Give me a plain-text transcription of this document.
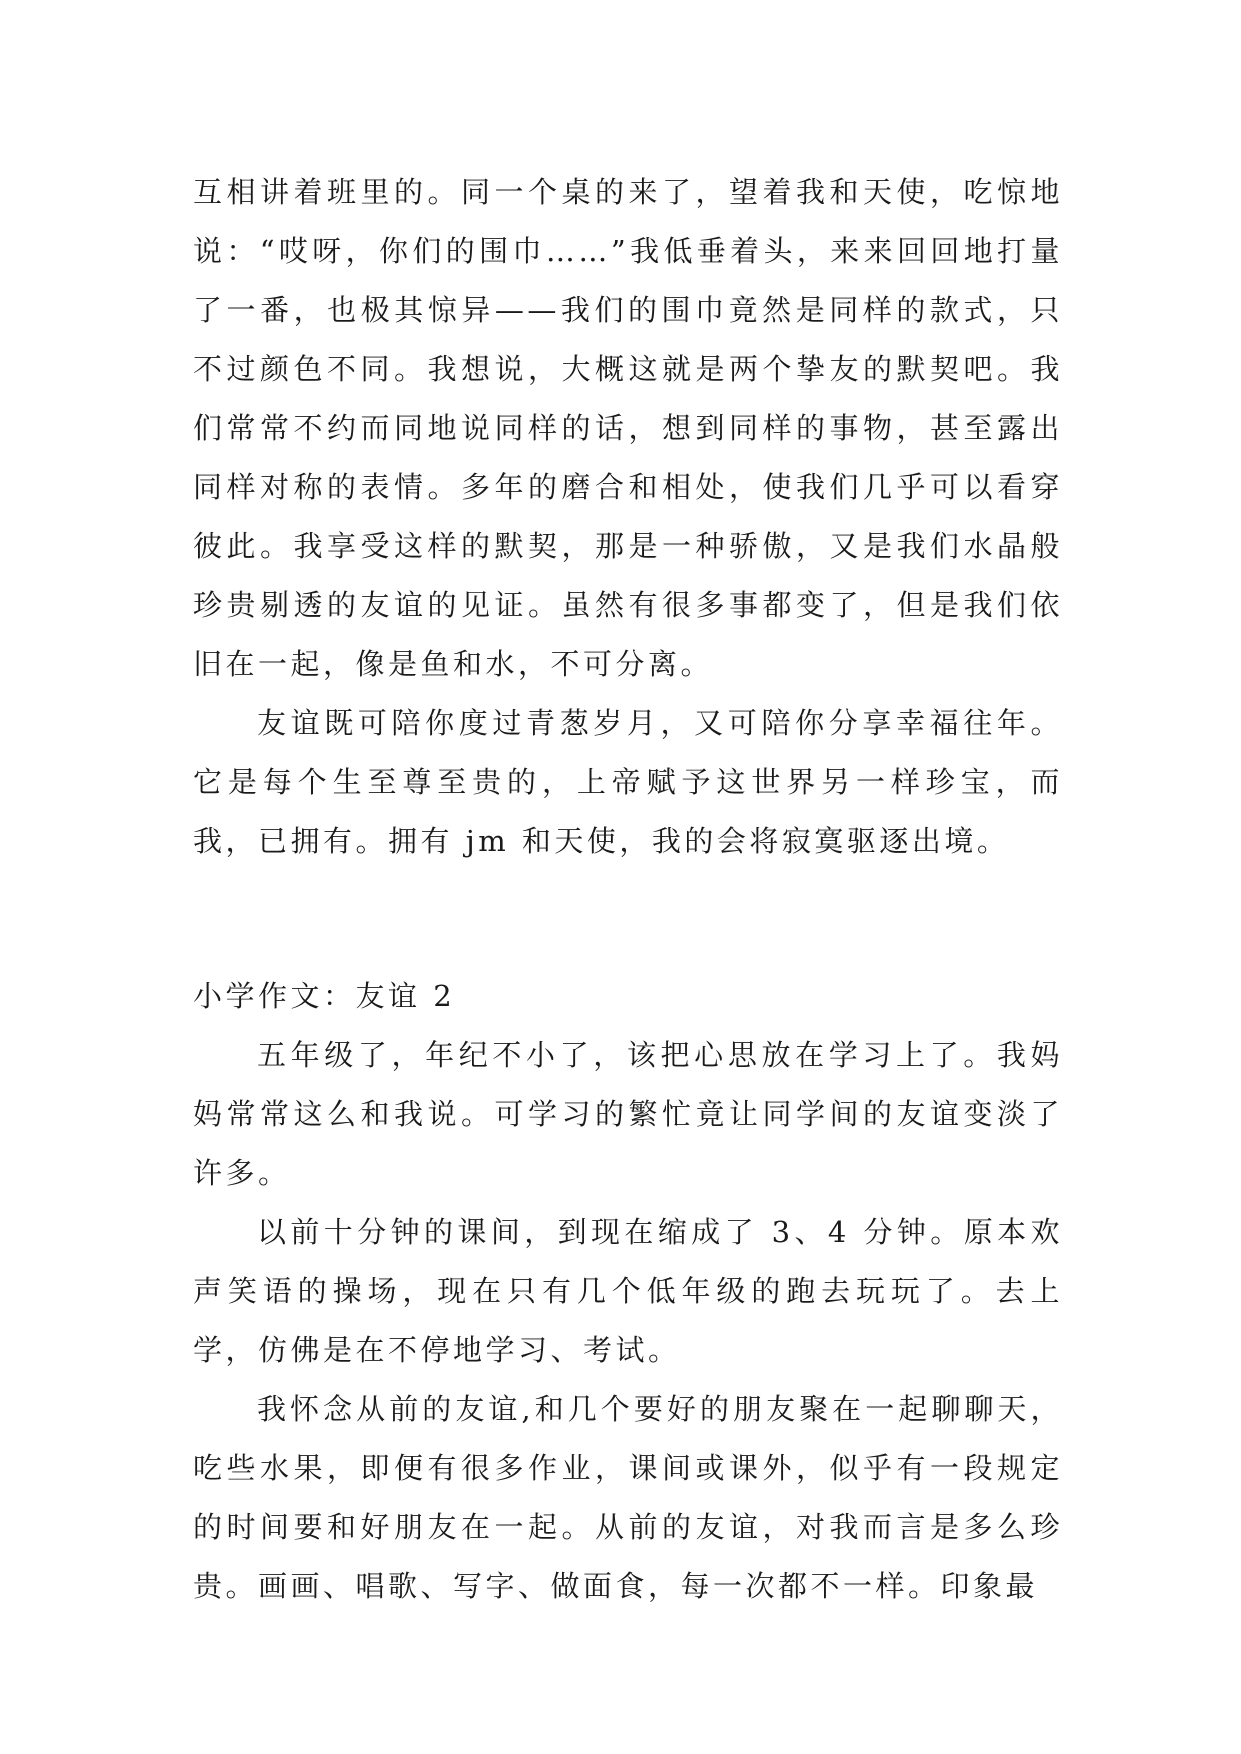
互相讲着班里的。同一个桌的来了，望着我和天使，吃惊地说：“哎呀，你们的围巾……”我低垂着头，来来回回地打量了一番，也极其惊异——我们的围巾竟然是同样的款式，只不过颜色不同。我想说，大概这就是两个挚友的默契吧。我们常常不约而同地说同样的话，想到同样的事物，甚至露出同样对称的表情。多年的磨合和相处，使我们几乎可以看穿彼此。我享受这样的默契，那是一种骄傲，又是我们水晶般珍贵剔透的友谊的见证。虽然有很多事都变了，但是我们依旧在一起，像是鱼和水，不可分离。

友谊既可陪你度过青葱岁月，又可陪你分享幸福往年。它是每个生至尊至贵的，上帝赋予这世界另一样珍宝，而我，已拥有。拥有 jm 和天使，我的会将寂寞驱逐出境。

小学作文：友谊 2

五年级了，年纪不小了，该把心思放在学习上了。我妈妈常常这么和我说。可学习的繁忙竟让同学间的友谊变淡了许多。

以前十分钟的课间，到现在缩成了 3、4 分钟。原本欢声笑语的操场，现在只有几个低年级的跑去玩玩了。去上学，仿佛是在不停地学习、考试。

我怀念从前的友谊,和几个要好的朋友聚在一起聊聊天，吃些水果，即便有很多作业，课间或课外，似乎有一段规定的时间要和好朋友在一起。从前的友谊，对我而言是多么珍贵。画画、唱歌、写字、做面食，每一次都不一样。印象最
